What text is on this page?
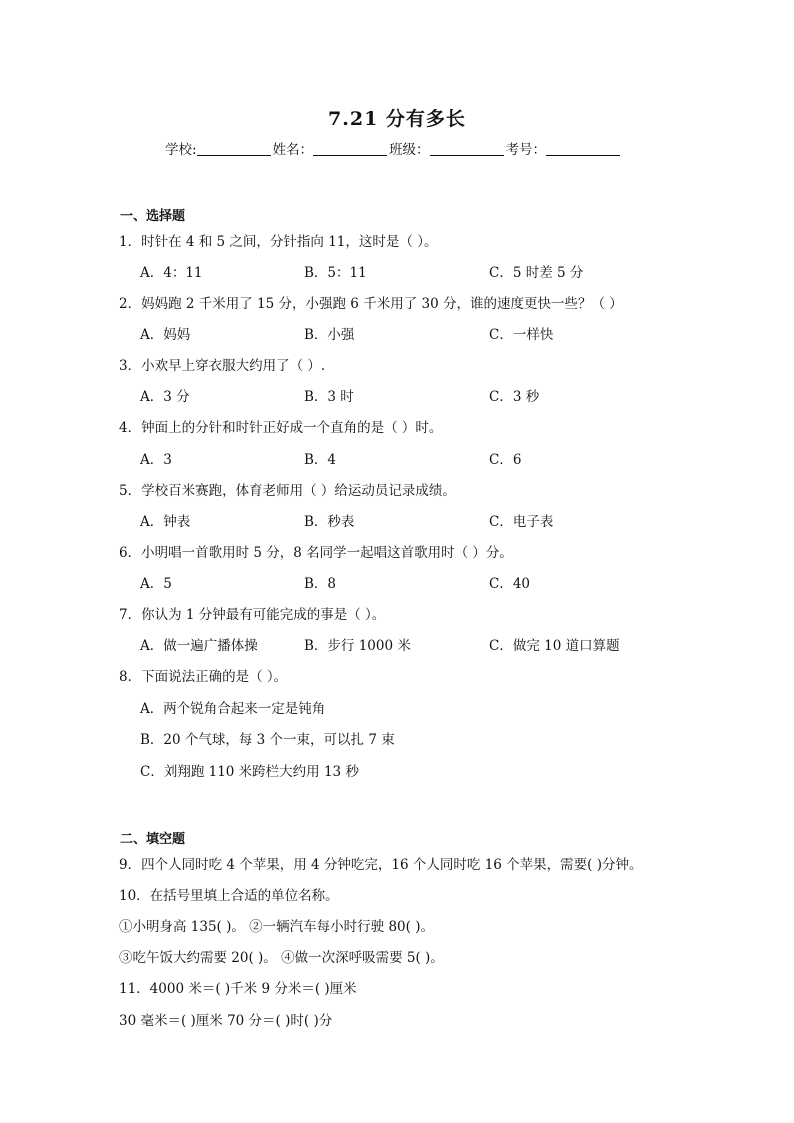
7.21 分有多长
学校:	姓名：	班级：	考号：
一、选择题
1．时针在 4 和 5 之间，分针指向 11，这时是（ ）。
A．4：11	B．5：11	C．5 时差 5 分
2．妈妈跑 2 千米用了 15 分，小强跑 6 千米用了 30 分，谁的速度更快一些？（ ）
A．妈妈	B．小强	C．一样快
3．小欢早上穿衣服大约用了（ ）.
A．3 分	B．3 时	C．3 秒
4．钟面上的分针和时针正好成一个直角的是（ ）时。
A．3	B．4	C．6
5．学校百米赛跑，体育老师用（ ）给运动员记录成绩。
A．钟表	B．秒表	C．电子表
6．小明唱一首歌用时 5 分，8 名同学一起唱这首歌用时（ ）分。
A．5	B．8	C．40
7．你认为 1 分钟最有可能完成的事是（ ）。
A．做一遍广播体操	B．步行 1000 米	C．做完 10 道口算题
8．下面说法正确的是（ ）。
A．两个锐角合起来一定是钝角
B．20 个气球，每 3 个一束，可以扎 7 束
C．刘翔跑 110 米跨栏大约用 13 秒
二、填空题
9．四个人同时吃 4 个苹果，用 4 分钟吃完，16 个人同时吃 16 个苹果，需要( )分钟。
10．在括号里填上合适的单位名称。
①小明身高 135( )。 ②一辆汽车每小时行驶 80( )。
③吃午饭大约需要 20( )。 ④做一次深呼吸需要 5( )。
11．4000 米＝( )千米 9 分米＝( )厘米
30 毫米＝( )厘米 70 分＝( )时( )分
